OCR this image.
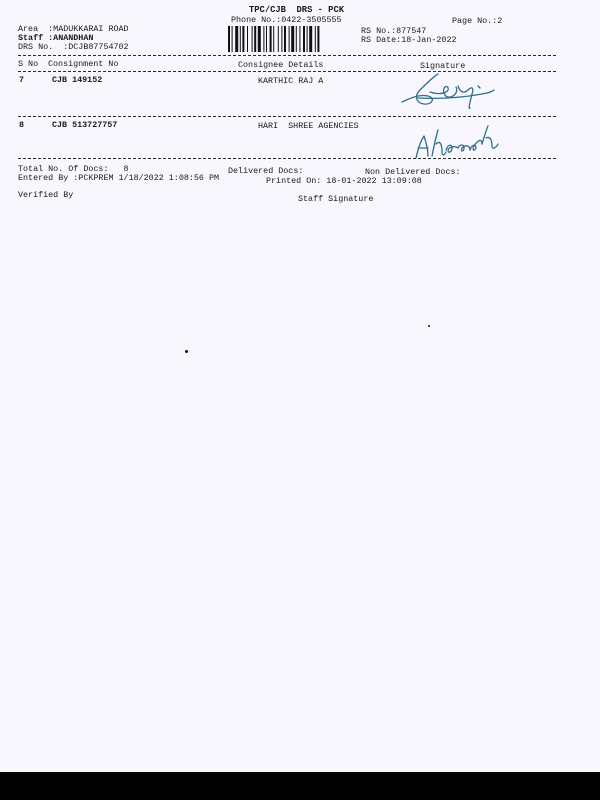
TPC/CJB  DRS - PCK
Phone No.:0422-3505555
Area  :MADUKKARAI ROAD
Staff :ANANDHAN
DRS No.  :DCJB87754702
RS No.:877547
RS Date:18-Jan-2022
Page No.:2
S No Consignment No	Consignee Details	Signature
7	CJB 149152	KARTHIC RAJ A
8	CJB 513727757	HARI  SHREE AGENCIES
Total No. Of Docs:   8	Delivered Docs:	Non Delivered Docs:
Entered By :PCKPREM 1/18/2022 1:08:56 PM	Printed On: 18-01-2022 13:09:08
Verified By	Staff Signature
